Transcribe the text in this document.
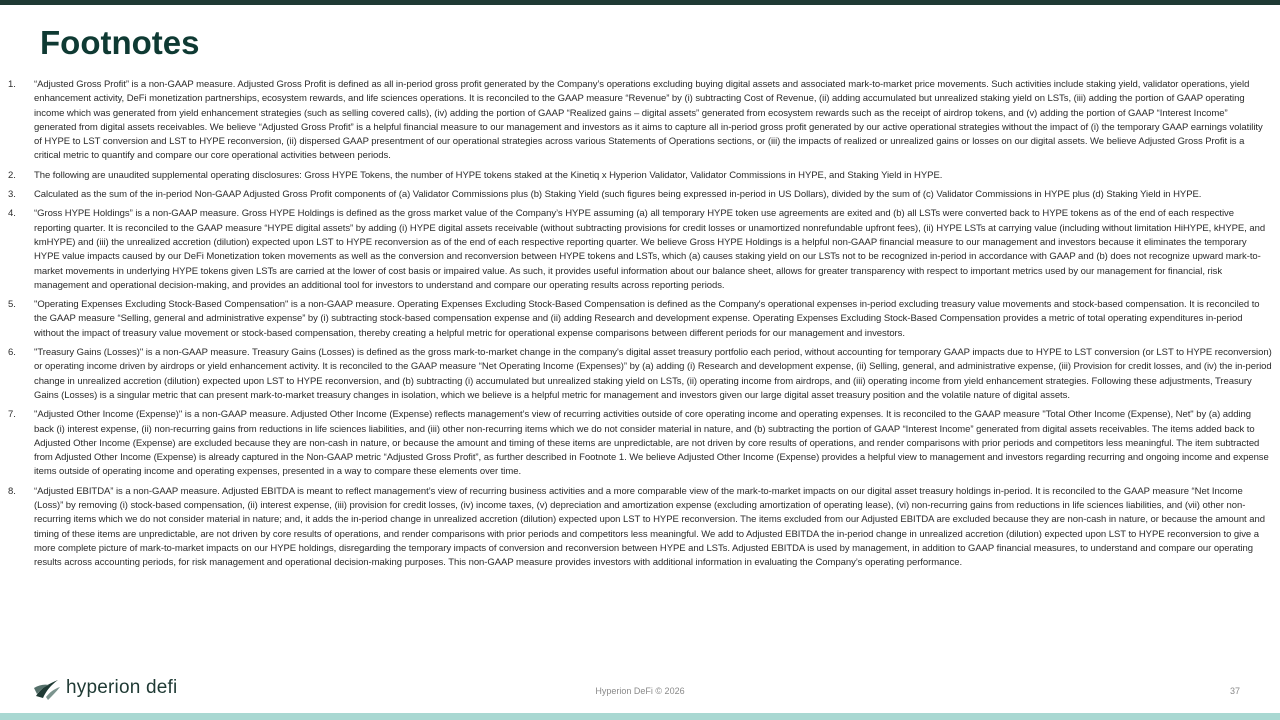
Footnotes
1.	“Adjusted Gross Profit” is a non-GAAP measure. Adjusted Gross Profit is defined as all in-period gross profit generated by the Company’s operations excluding buying digital assets and associated mark-to-market price movements. Such activities include staking yield, validator operations, yield enhancement activity, DeFi monetization partnerships, ecosystem rewards, and life sciences operations. It is reconciled to the GAAP measure “Revenue” by (i) subtracting Cost of Revenue, (ii) adding accumulated but unrealized staking yield on LSTs, (iii) adding the portion of GAAP operating income which was generated from yield enhancement strategies (such as selling covered calls), (iv) adding the portion of GAAP “Realized gains – digital assets” generated from ecosystem rewards such as the receipt of airdrop tokens, and (v) adding the portion of GAAP “Interest Income” generated from digital assets receivables. We believe “Adjusted Gross Profit” is a helpful financial measure to our management and investors as it aims to capture all in-period gross profit generated by our active operational strategies without the impact of (i) the temporary GAAP earnings volatility of HYPE to LST conversion and LST to HYPE reconversion, (ii) dispersed GAAP presentment of our operational strategies across various Statements of Operations sections, or (iii) the impacts of realized or unrealized gains or losses on our digital assets. We believe Adjusted Gross Profit is a critical metric to quantify and compare our core operational activities between periods.
2.	The following are unaudited supplemental operating disclosures: Gross HYPE Tokens, the number of HYPE tokens staked at the Kinetiq x Hyperion Validator, Validator Commissions in HYPE, and Staking Yield in HYPE.
3.	Calculated as the sum of the in-period Non-GAAP Adjusted Gross Profit components of (a) Validator Commissions plus (b) Staking Yield (such figures being expressed in-period in US Dollars), divided by the sum of (c) Validator Commissions in HYPE plus (d) Staking Yield in HYPE.
4.	“Gross HYPE Holdings” is a non-GAAP measure. Gross HYPE Holdings is defined as the gross market value of the Company’s HYPE assuming (a) all temporary HYPE token use agreements are exited and (b) all LSTs were converted back to HYPE tokens as of the end of each respective reporting quarter. It is reconciled to the GAAP measure “HYPE digital assets” by adding (i) HYPE digital assets receivable (without subtracting provisions for credit losses or unamortized nonrefundable upfront fees), (ii) HYPE LSTs at carrying value (including without limitation HiHYPE, kHYPE, and kmHYPE) and (iii) the unrealized accretion (dilution) expected upon LST to HYPE reconversion as of the end of each respective reporting quarter. We believe Gross HYPE Holdings is a helpful non-GAAP financial measure to our management and investors because it eliminates the temporary HYPE value impacts caused by our DeFi Monetization token movements as well as the conversion and reconversion between HYPE tokens and LSTs, which (a) causes staking yield on our LSTs not to be recognized in-period in accordance with GAAP and (b) does not recognize upward mark-to-market movements in underlying HYPE tokens given LSTs are carried at the lower of cost basis or impaired value. As such, it provides useful information about our balance sheet, allows for greater transparency with respect to important metrics used by our management for financial, risk management and operational decision-making, and provides an additional tool for investors to understand and compare our operating results across reporting periods.
5.	"Operating Expenses Excluding Stock-Based Compensation" is a non-GAAP measure. Operating Expenses Excluding Stock-Based Compensation is defined as the Company's operational expenses in-period excluding treasury value movements and stock-based compensation. It is reconciled to the GAAP measure “Selling, general and administrative expense” by (i) subtracting stock-based compensation expense and (ii) adding Research and development expense. Operating Expenses Excluding Stock-Based Compensation provides a metric of total operating expenditures in-period without the impact of treasury value movement or stock-based compensation, thereby creating a helpful metric for operational expense comparisons between different periods for our management and investors.
6.	"Treasury Gains (Losses)" is a non-GAAP measure. Treasury Gains (Losses) is defined as the gross mark-to-market change in the company's digital asset treasury portfolio each period, without accounting for temporary GAAP impacts due to HYPE to LST conversion (or LST to HYPE reconversion) or operating income driven by airdrops or yield enhancement activity. It is reconciled to the GAAP measure “Net Operating Income (Expenses)” by (a) adding (i) Research and development expense, (ii) Selling, general, and administrative expense, (iii) Provision for credit losses, and (iv) the in-period change in unrealized accretion (dilution) expected upon LST to HYPE reconversion, and (b) subtracting (i) accumulated but unrealized staking yield on LSTs, (ii) operating income from airdrops, and (iii) operating income from yield enhancement strategies. Following these adjustments, Treasury Gains (Losses) is a singular metric that can present mark-to-market treasury changes in isolation, which we believe is a helpful metric for management and investors given our large digital asset treasury position and the volatile nature of digital assets.
7.	"Adjusted Other Income (Expense)" is a non-GAAP measure. Adjusted Other Income (Expense) reflects management’s view of recurring activities outside of core operating income and operating expenses. It is reconciled to the GAAP measure "Total Other Income (Expense), Net" by (a) adding back (i) interest expense, (ii) non-recurring gains from reductions in life sciences liabilities, and (iii) other non-recurring items which we do not consider material in nature, and (b) subtracting the portion of GAAP “Interest Income” generated from digital assets receivables. The items added back to Adjusted Other Income (Expense) are excluded because they are non-cash in nature, or because the amount and timing of these items are unpredictable, are not driven by core results of operations, and render comparisons with prior periods and competitors less meaningful. The item subtracted from Adjusted Other Income (Expense) is already captured in the Non-GAAP metric “Adjusted Gross Profit”, as further described in Footnote 1. We believe Adjusted Other Income (Expense) provides a helpful view to management and investors regarding recurring and ongoing income and expense items outside of operating income and operating expenses, presented in a way to compare these elements over time.
8.	“Adjusted EBITDA” is a non-GAAP measure. Adjusted EBITDA is meant to reflect management’s view of recurring business activities and a more comparable view of the mark-to-market impacts on our digital asset treasury holdings in-period. It is reconciled to the GAAP measure “Net Income (Loss)” by removing (i) stock-based compensation, (ii) interest expense, (iii) provision for credit losses, (iv) income taxes, (v) depreciation and amortization expense (excluding amortization of operating lease), (vi) non-recurring gains from reductions in life sciences liabilities, and (vii) other non-recurring items which we do not consider material in nature; and, it adds the in-period change in unrealized accretion (dilution) expected upon LST to HYPE reconversion. The items excluded from our Adjusted EBITDA are excluded because they are non-cash in nature, or because the amount and timing of these items are unpredictable, are not driven by core results of operations, and render comparisons with prior periods and competitors less meaningful. We add to Adjusted EBITDA the in-period change in unrealized accretion (dilution) expected upon LST to HYPE reconversion to give a more complete picture of mark-to-market impacts on our HYPE holdings, disregarding the temporary impacts of conversion and reconversion between HYPE and LSTs. Adjusted EBITDA is used by management, in addition to GAAP financial measures, to understand and compare our operating results across accounting periods, for risk management and operational decision-making purposes. This non-GAAP measure provides investors with additional information in evaluating the Company’s operating performance.
hyperion defi	Hyperion DeFi © 2026	37
